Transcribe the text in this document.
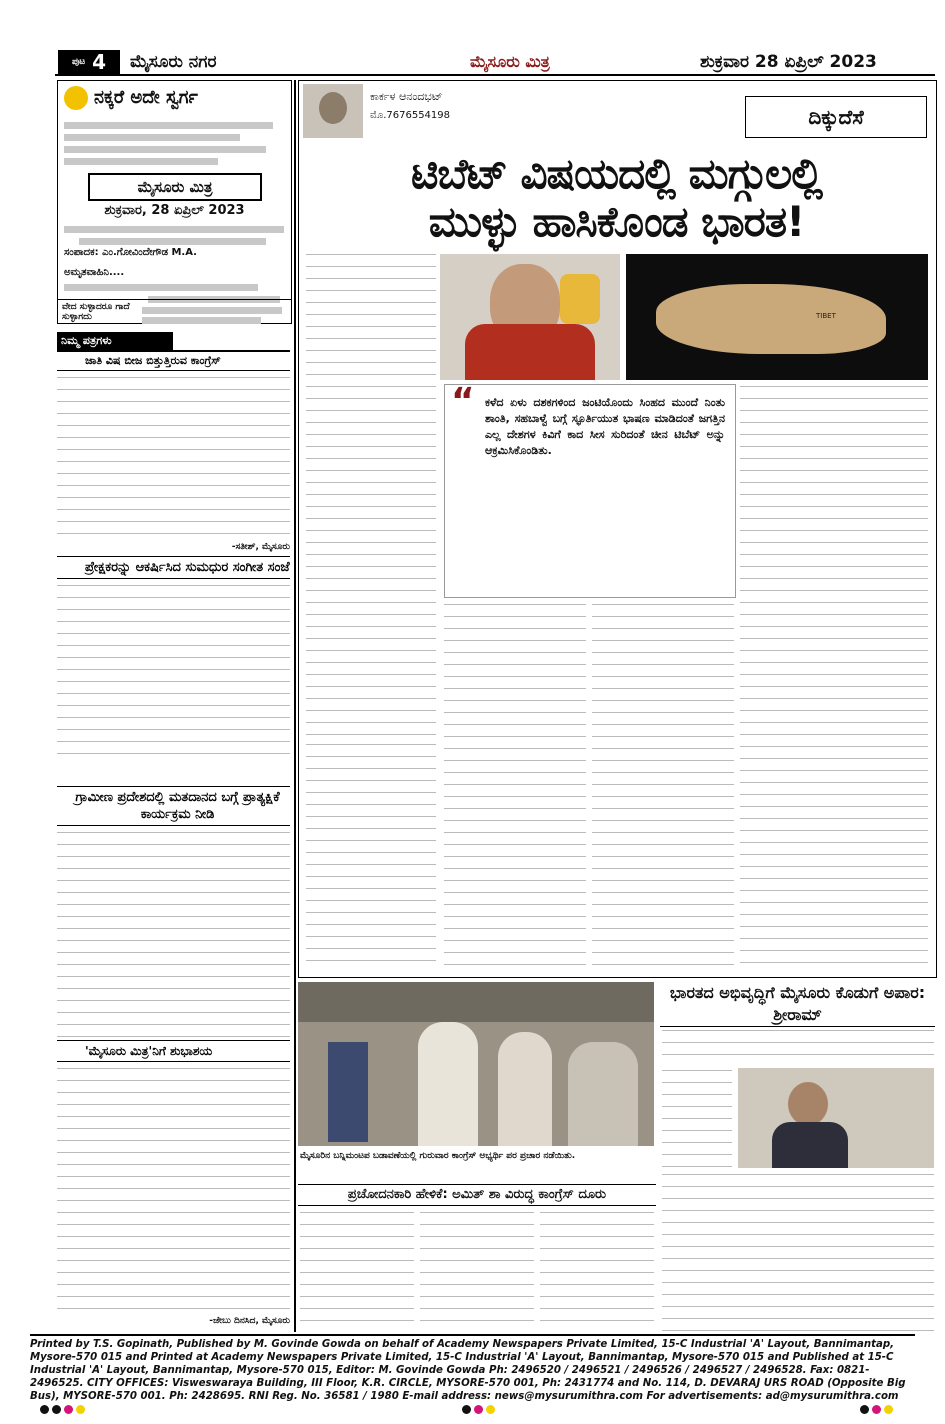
$^{ಪುಟ}$ 4	ಮೈಸೂರು ನಗರ	ಮೈಸೂರು ಮಿತ್ರ	ಶುಕ್ರವಾರ 28 ಏಪ್ರಿಲ್ 2023
ನಕ್ಕರೆ ಅದೇ ಸ್ವರ್ಗ
ಮೈಸೂರು ಮಿತ್ರ
ಶುಕ್ರವಾರ, 28 ಏಪ್ರಿಲ್ 2023
ಸಂಪಾದಕ: ಎಂ.ಗೋವಿಂದೇಗೌಡ M.A.
ಅಮೃತವಾಹಿನಿ....
ವೇದ ಸುಳ್ಳಾದರೂ ಗಾದೆ ಸುಳ್ಳಾಗದು
ನಿಮ್ಮ ಪತ್ರಗಳು
ಜಾತಿ ವಿಷ ಬೀಜ ಬಿತ್ತುತ್ತಿರುವ ಕಾಂಗ್ರೆಸ್
-ಸತೀಶ್, ಮೈಸೂರು
ಪ್ರೇಕ್ಷಕರನ್ನು ಆಕರ್ಷಿಸಿದ ಸುಮಧುರ ಸಂಗೀತ ಸಂಜೆ
ಗ್ರಾಮೀಣ ಪ್ರದೇಶದಲ್ಲಿ ಮತದಾನದ ಬಗ್ಗೆ ಪ್ರಾತ್ಯಕ್ಷಿಕೆ ಕಾರ್ಯಕ್ರಮ ನೀಡಿ
'ಮೈಸೂರು ಮಿತ್ರ'ನಿಗೆ ಶುಭಾಶಯ
-ಜೇಬು ದಿನಸಿದ, ಮೈಸೂರು
ಕಾರ್ಕಳ ಆನಂದಭಟ್
ಮೊ.7676554198	ದಿಕ್ಕುದೆಸೆ
ಟಿಬೆಟ್ ವಿಷಯದಲ್ಲಿ ಮಗ್ಗುಲಲ್ಲಿ
ಮುಳ್ಳು ಹಾಸಿಕೊಂಡ ಭಾರತ!
TIBET
“ ಕಳೆದ ಏಳು ದಶಕಗಳಿಂದ ಜಂಟಿಯೊಂದು ಸಿಂಹದ ಮುಂದೆ ನಿಂತು ಶಾಂತಿ, ಸಹಬಾಳ್ವೆ ಬಗ್ಗೆ ಸ್ಫೂರ್ತಿಯುತ ಭಾಷಣ ಮಾಡಿದಂತೆ ಜಗತ್ತಿನ ಎಲ್ಲ ದೇಶಗಳ ಕಿವಿಗೆ ಕಾದ ಸೀಸ ಸುರಿದಂತೆ ಚೀನ ಟಿಬೆಟ್ ಅನ್ನು ಆಕ್ರಮಿಸಿಕೊಂಡಿತು.
ಮೈಸೂರಿನ ಬನ್ನಿಮಂಟಪ ಬಡಾವಣೆಯಲ್ಲಿ ಗುರುವಾರ ಕಾಂಗ್ರೆಸ್ ಅಭ್ಯರ್ಥಿ ಪರ ಪ್ರಚಾರ ನಡೆಯಿತು.
ಭಾರತದ ಅಭಿವೃದ್ಧಿಗೆ ಮೈಸೂರು ಕೊಡುಗೆ ಅಪಾರ: ಶ್ರೀರಾಮ್
ಪ್ರಚೋದನಕಾರಿ ಹೇಳಿಕೆ: ಅಮಿತ್ ಶಾ ವಿರುದ್ಧ ಕಾಂಗ್ರೆಸ್ ದೂರು
Printed by T.S. Gopinath, Published by M. Govinde Gowda on behalf of Academy Newspapers Private Limited, 15-C Industrial 'A' Layout, Bannimantap, Mysore-570 015 and Printed at Academy Newspapers Private Limited, 15-C Industrial 'A' Layout, Bannimantap, Mysore-570 015 and Published at 15-C Industrial 'A' Layout, Bannimantap, Mysore-570 015, Editor: M. Govinde Gowda Ph: 2496520 / 2496521 / 2496526 / 2496527 / 2496528. Fax: 0821-2496525. CITY OFFICES: Visweswaraya Building, III Floor, K.R. CIRCLE, MYSORE-570 001, Ph: 2431774 and No. 114, D. DEVARAJ URS ROAD (Opposite Big Bus), MYSORE-570 001. Ph: 2428695. RNI Reg. No. 36581 / 1980 E-mail address: news@mysurumithra.com For advertisements: ad@mysurumithra.com
